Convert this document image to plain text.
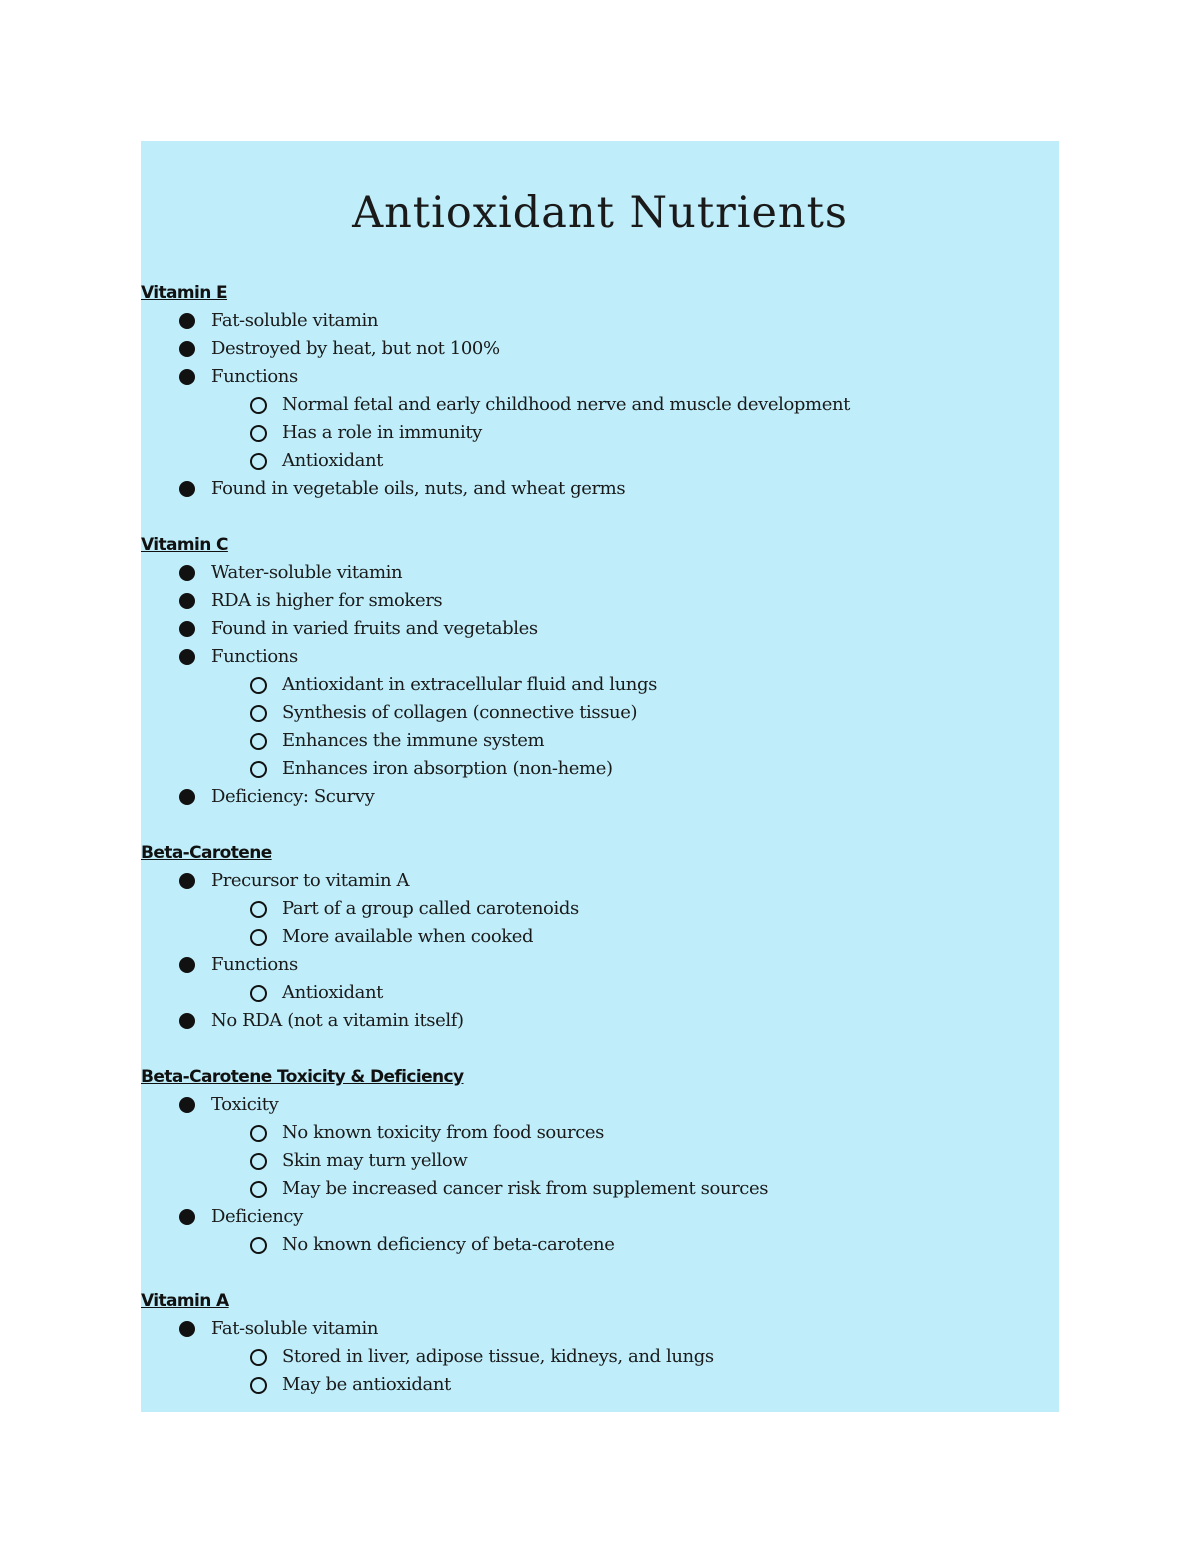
Antioxidant Nutrients
Vitamin E
Fat-soluble vitamin
Destroyed by heat, but not 100%
Functions
Normal fetal and early childhood nerve and muscle development
Has a role in immunity
Antioxidant
Found in vegetable oils, nuts, and wheat germs
Vitamin C
Water-soluble vitamin
RDA is higher for smokers
Found in varied fruits and vegetables
Functions
Antioxidant in extracellular fluid and lungs
Synthesis of collagen (connective tissue)
Enhances the immune system
Enhances iron absorption (non-heme)
Deficiency: Scurvy
Beta-Carotene
Precursor to vitamin A
Part of a group called carotenoids
More available when cooked
Functions
Antioxidant
No RDA (not a vitamin itself)
Beta-Carotene Toxicity & Deficiency
Toxicity
No known toxicity from food sources
Skin may turn yellow
May be increased cancer risk from supplement sources
Deficiency
No known deficiency of beta-carotene
Vitamin A
Fat-soluble vitamin
Stored in liver, adipose tissue, kidneys, and lungs
May be antioxidant
